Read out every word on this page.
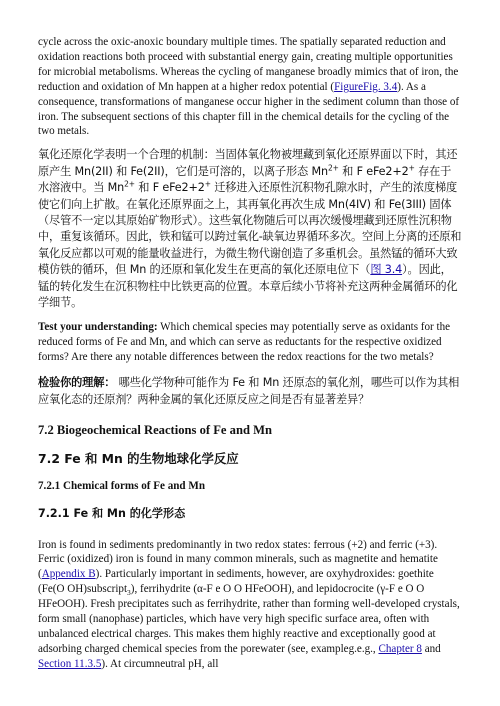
cycle across the oxic-anoxic boundary multiple times. The spatially separated reduction and oxidation reactions both proceed with substantial energy gain, creating multiple opportunities for microbial metabolisms. Whereas the cycling of manganese broadly mimics that of iron, the reduction and oxidation of Mn happen at a higher redox potential (FigureFig. 3.4). As a consequence, transformations of manganese occur higher in the sediment column than those of iron. The subsequent sections of this chapter fill in the chemical details for the cycling of the two metals.

氧化还原化学表明一个合理的机制：当固体氧化物被埋藏到氧化还原界面以下时，其还原产生 Mn(2II) 和 Fe(2II)，它们是可溶的，以离子形态 $Mn^{2+}$ 和 F eFe2+2+ 存在于水溶液中。当 $Mn^{2+}$ 和 F eFe2+2+ 迁移进入还原性沉积物孔隙水时，产生的浓度梯度使它们向上扩散。在氧化还原界面之上，其再氧化再次生成 Mn(4IV) 和 Fe(3III) 固体（尽管不一定以其原始矿物形式）。这些氧化物随后可以再次缓慢埋藏到还原性沉积物中，重复该循环。因此，铁和锰可以跨过氧化-缺氧边界循环多次。空间上分离的还原和氧化反应都以可观的能量收益进行，为微生物代谢创造了多重机会。虽然锰的循环大致模仿铁的循环，但 Mn 的还原和氧化发生在更高的氧化还原电位下（图 3.4）。因此，锰的转化发生在沉积物柱中比铁更高的位置。本章后续小节将补充这两种金属循环的化学细节。

Test your understanding: Which chemical species may potentially serve as oxidants for the reduced forms of Fe and Mn, and which can serve as reductants for the respective oxidized forms? Are there any notable differences between the redox reactions for the two metals?

检验你的理解： 哪些化学物种可能作为 Fe 和 Mn 还原态的氧化剂，哪些可以作为其相应氧化态的还原剂？两种金属的氧化还原反应之间是否有显著差异？

7.2 Biogeochemical Reactions of Fe and Mn
7.2 Fe 和 Mn 的生物地球化学反应
7.2.1 Chemical forms of Fe and Mn
7.2.1 Fe 和 Mn 的化学形态

Iron is found in sediments predominantly in two redox states: ferrous (+2) and ferric (+3). Ferric (oxidized) iron is found in many common minerals, such as magnetite and hematite (Appendix B). Particularly important in sediments, however, are oxyhydroxides: goethite (Fe(O OH)subscript$_3$), ferrihydrite (α-F e O O HFeOOH), and lepidocrocite (γ-F e O O HFeOOH). Fresh precipitates such as ferrihydrite, rather than forming well-developed crystals, form small (nanophase) particles, which have very high specific surface area, often with unbalanced electrical charges. This makes them highly reactive and exceptionally good at adsorbing charged chemical species from the porewater (see, exampleg.e.g., Chapter 8 and Section 11.3.5). At circumneutral pH, all
